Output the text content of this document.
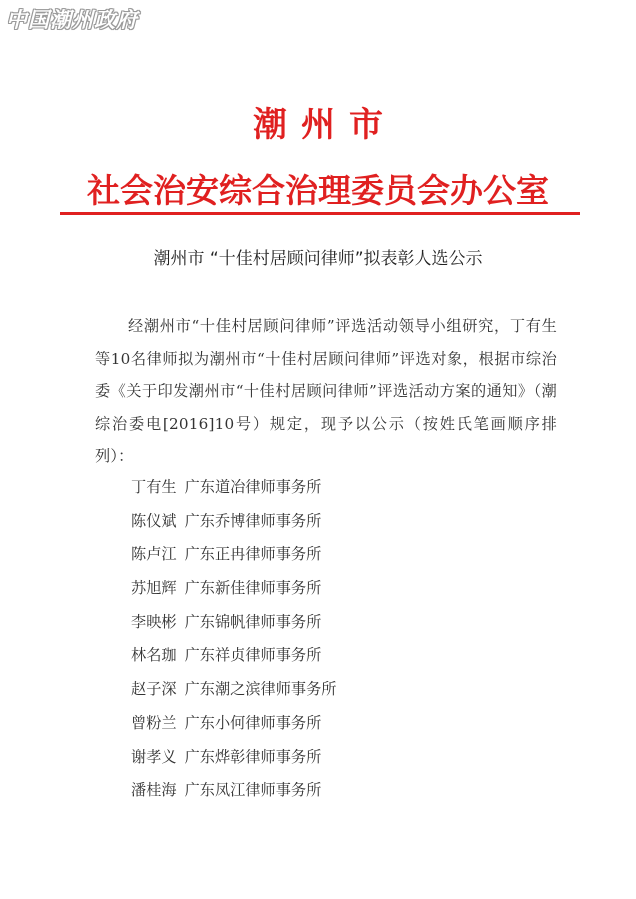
中国潮州政府
潮州市
社会治安综合治理委员会办公室
潮州市 “十佳村居顾问律师”拟表彰人选公示
经潮州市“十佳村居顾问律师”评选活动领导小组研究，丁有生等10名律师拟为潮州市“十佳村居顾问律师”评选对象，根据市综治委《关于印发潮州市“十佳村居顾问律师”评选活动方案的通知》（潮综治委电[2016]10号）规定，现予以公示（按姓氏笔画顺序排列）：
丁有生 广东道冶律师事务所
陈仪斌 广东乔博律师事务所
陈卢江 广东正冉律师事务所
苏旭辉 广东新佳律师事务所
李映彬 广东锦帆律师事务所
林名珈 广东祥贞律师事务所
赵子深 广东潮之滨律师事务所
曾粉兰 广东小何律师事务所
谢孝义 广东烨彰律师事务所
潘桂海 广东凤江律师事务所
